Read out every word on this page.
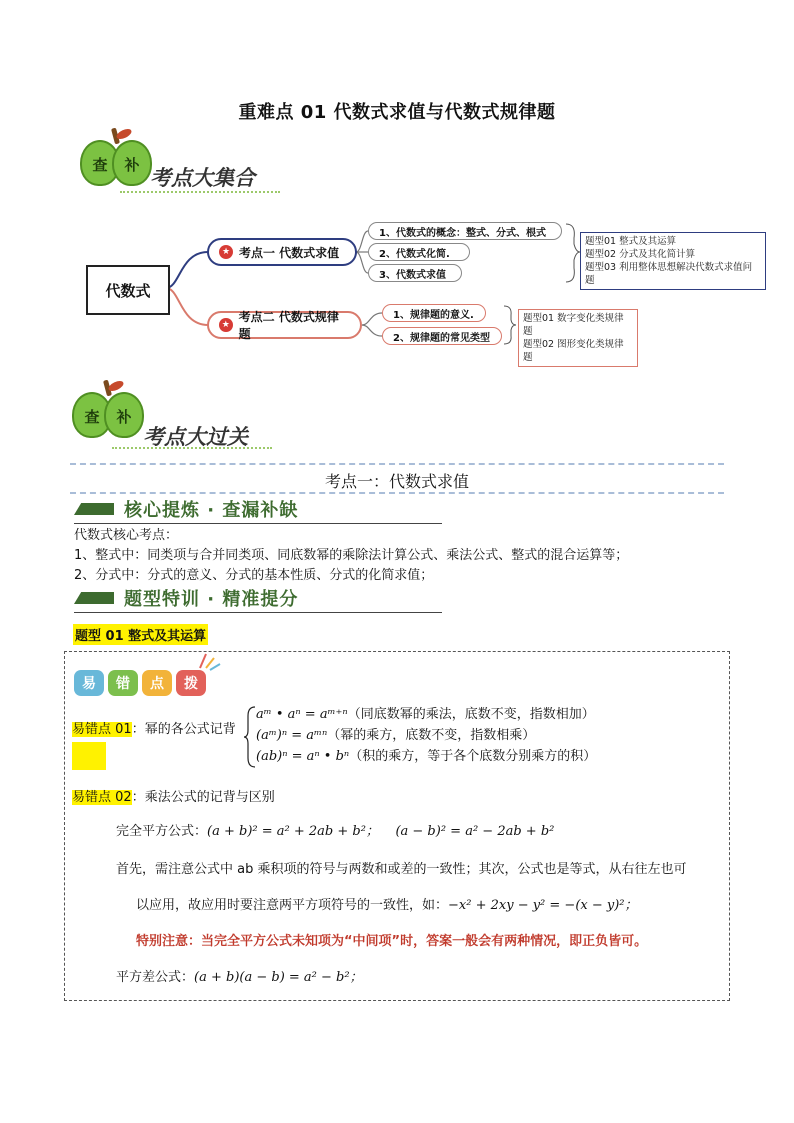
重难点 01 代数式求值与代数式规律题
查	补 考点大集合
代数式
★ 考点一 代数式求值
1、代数式的概念：整式、分式、根式
2、代数式化简.
3、代数式求值
题型01 整式及其运算
题型02 分式及其化简计算
题型03 利用整体思想解决代数式求值问题
★
考点二 代数式规律题
1、规律题的意义.
2、规律题的常见类型
题型01 数字变化类规律题
题型02 图形变化类规律题
查	补
考点大过关
考点一：代数式求值
核心提炼 · 查漏补缺
代数式核心考点：
1、整式中：同类项与合并同类项、同底数幂的乘除法计算公式、乘法公式、整式的混合运算等；
2、分式中：分式的意义、分式的基本性质、分式的化简求值；
题型特训 · 精准提分
题型 01 整式及其运算
易	错	点	拨
易错点 01：幂的各公式记背
aᵐ • aⁿ = aᵐ⁺ⁿ（同底数幂的乘法，底数不变，指数相加）
(aᵐ)ⁿ = aᵐⁿ（幂的乘方，底数不变，指数相乘）
(ab)ⁿ = aⁿ • bⁿ（积的乘方，等于各个底数分别乘方的积）
易错点 02：乘法公式的记背与区别
完全平方公式：(a + b)² = a² + 2ab + b²； (a − b)² = a² − 2ab + b²
首先，需注意公式中 ab 乘积项的符号与两数和或差的一致性；其次，公式也是等式，从右往左也可
以应用，故应用时要注意两平方项符号的一致性，如：−x² + 2xy − y² = −(x − y)²；
特别注意：当完全平方公式未知项为“中间项”时，答案一般会有两种情况，即正负皆可。
平方差公式：(a + b)(a − b) = a² − b²；
